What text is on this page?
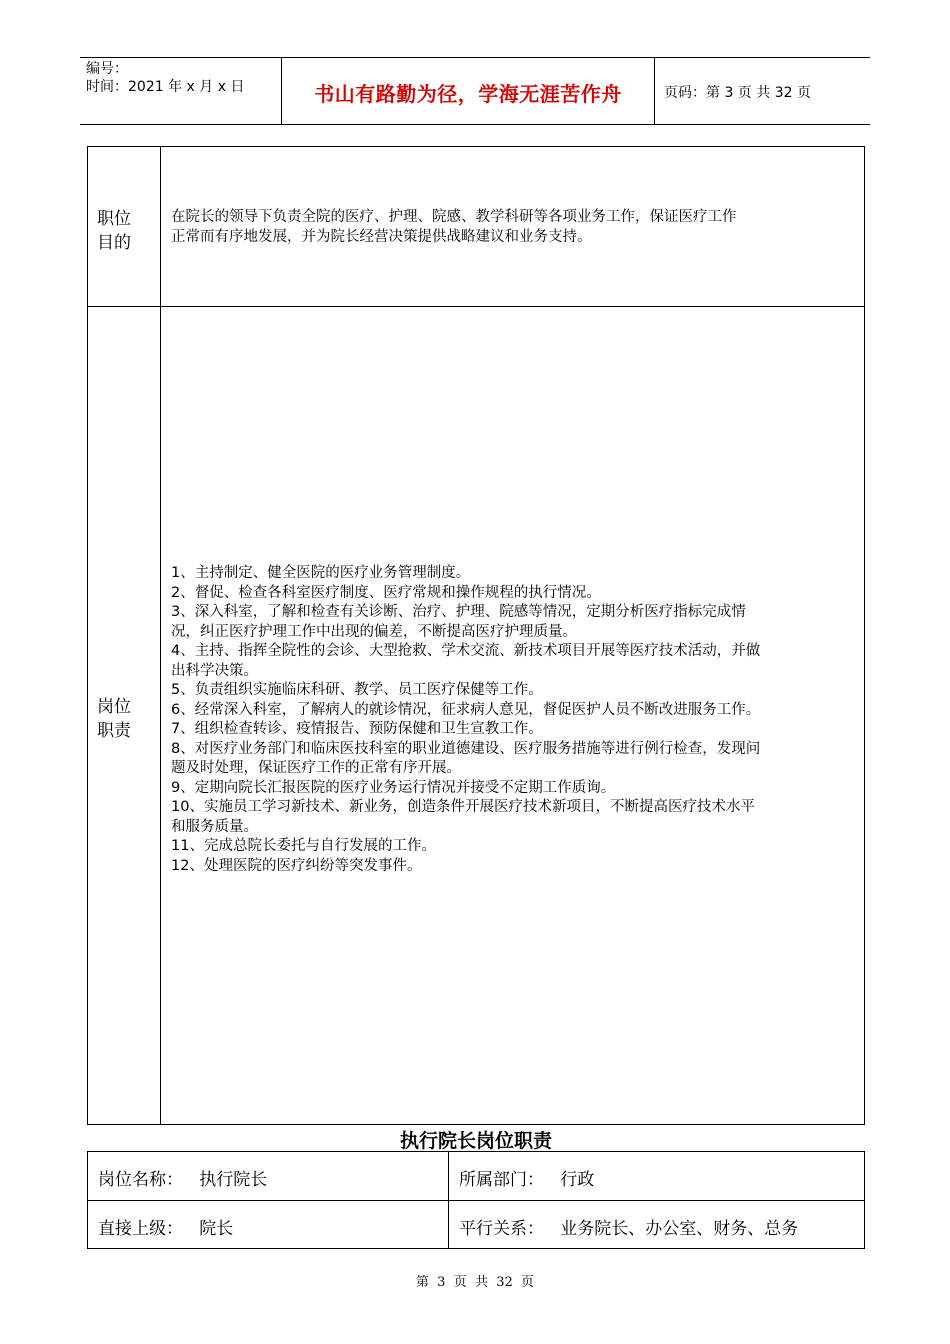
编号：
时间：2021 年 x 月 x 日	书山有路勤为径，学海无涯苦作舟	页码：第 3 页 共 32 页
职位
目的
在院长的领导下负责全院的医疗、护理、院感、教学科研等各项业务工作，保证医疗工作
正常而有序地发展，并为院长经营决策提供战略建议和业务支持。
岗位
职责

1、主持制定、健全医院的医疗业务管理制度。

2、督促、检查各科室医疗制度、医疗常规和操作规程的执行情况。

3、深入科室，了解和检查有关诊断、治疗、护理、院感等情况，定期分析医疗指标完成情

况，纠正医疗护理工作中出现的偏差，不断提高医疗护理质量。

4、主持、指挥全院性的会诊、大型抢救、学术交流、新技术项目开展等医疗技术活动，并做

出科学决策。

5、负责组织实施临床科研、教学、员工医疗保健等工作。

6、经常深入科室，了解病人的就诊情况，征求病人意见，督促医护人员不断改进服务工作。

7、组织检查转诊、疫情报告、预防保健和卫生宣教工作。

8、对医疗业务部门和临床医技科室的职业道德建设、医疗服务措施等进行例行检查，发现问

题及时处理，保证医疗工作的正常有序开展。

9、定期向院长汇报医院的医疗业务运行情况并接受不定期工作质询。

10、实施员工学习新技术、新业务，创造条件开展医疗技术新项目，不断提高医疗技术水平

和服务质量。

11、完成总院长委托与自行发展的工作。

12、处理医院的医疗纠纷等突发事件。

执行院长岗位职责
岗位名称：   执行院长	所属部门：   行政
直接上级：   院长	平行关系：   业务院长、办公室、财务、总务
第  3  页  共  32  页
